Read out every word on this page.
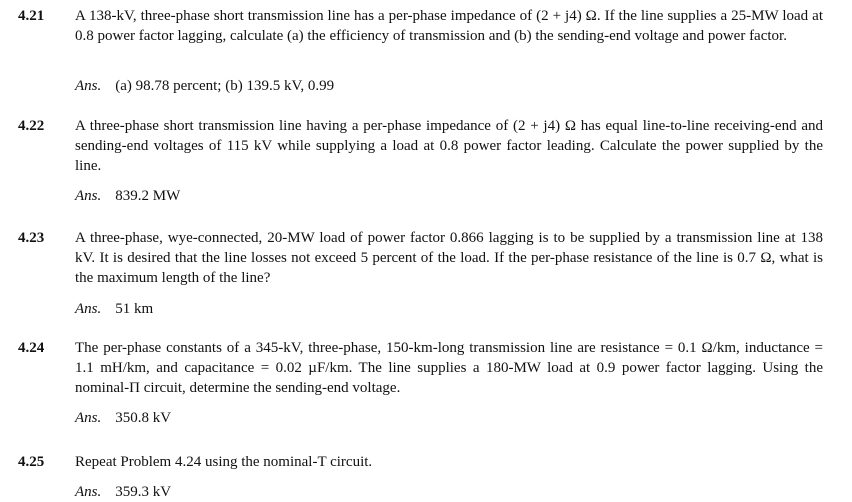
4.21 A 138-kV, three-phase short transmission line has a per-phase impedance of (2 + j4) Ω. If the line supplies a 25-MW load at 0.8 power factor lagging, calculate (a) the efficiency of transmission and (b) the sending-end voltage and power factor.
Ans. (a) 98.78 percent; (b) 139.5 kV, 0.99
4.22 A three-phase short transmission line having a per-phase impedance of (2 + j4) Ω has equal line-to-line receiving-end and sending-end voltages of 115 kV while supplying a load at 0.8 power factor leading. Calculate the power supplied by the line.
Ans. 839.2 MW
4.23 A three-phase, wye-connected, 20-MW load of power factor 0.866 lagging is to be supplied by a transmission line at 138 kV. It is desired that the line losses not exceed 5 percent of the load. If the per-phase resistance of the line is 0.7 Ω, what is the maximum length of the line?
Ans. 51 km
4.24 The per-phase constants of a 345-kV, three-phase, 150-km-long transmission line are resistance = 0.1 Ω/km, inductance = 1.1 mH/km, and capacitance = 0.02 µF/km. The line supplies a 180-MW load at 0.9 power factor lagging. Using the nominal-Π circuit, determine the sending-end voltage.
Ans. 350.8 kV
4.25 Repeat Problem 4.24 using the nominal-T circuit.
Ans. 359.3 kV
